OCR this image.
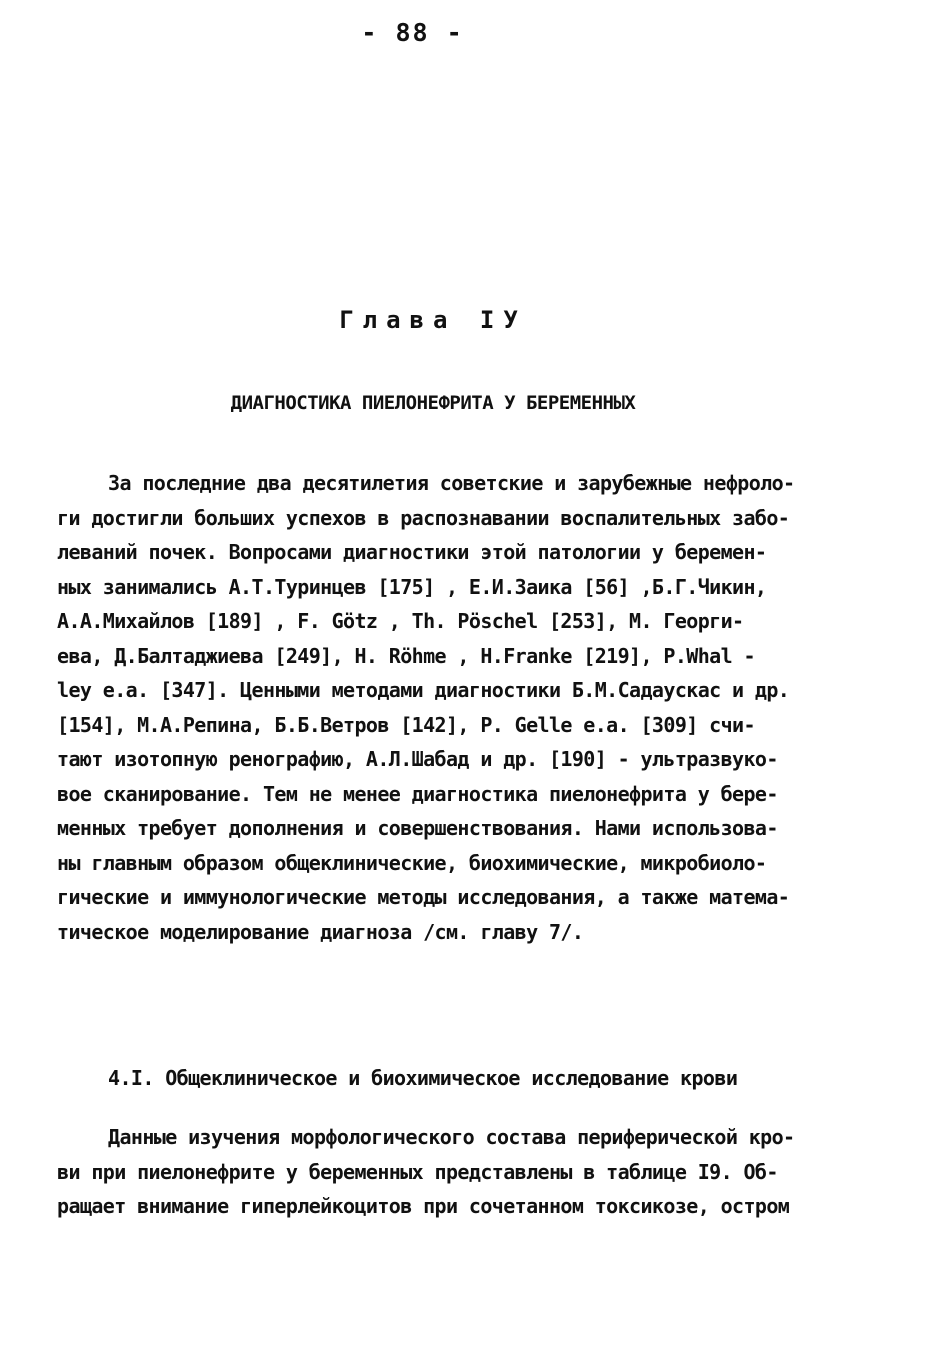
- 88 -
Глава IУ
ДИАГНОСТИКА ПИЕЛОНЕФРИТА У БЕРЕМЕННЫХ
За последние два десятилетия советские и зарубежные нефроло-
ги достигли больших успехов в распознавании воспалительных забо-
леваний почек. Вопросами диагностики этой патологии у беремен-
ных занимались А.Т.Туринцев [175] , Е.И.Заика [56] ,Б.Г.Чикин,
А.А.Михайлов [189] , F. Götz , Th. Pöschel [253], М. Георги-
ева, Д.Балтаджиева [249], H. Röhme , H.Franke [219], P.Whal -
ley e.a. [347]. Ценными методами диагностики Б.М.Садаускас и др.
[154], М.А.Репина, Б.Б.Ветров [142], P. Gelle e.a. [309] счи-
тают изотопную ренографию, А.Л.Шабад и др. [190] - ультразвуко-
вое сканирование. Тем не менее диагностика пиелонефрита у бере-
менных требует дополнения и совершенствования. Нами использова-
ны главным образом общеклинические, биохимические, микробиоло-
гические и иммунологические методы исследования, а также матема-
тическое моделирование диагноза /см. главу 7/.
4.I. Общеклиническое и биохимическое исследование крови
Данные изучения морфологического состава периферической кро-
ви при пиелонефрите у беременных представлены в таблице I9. Об-
ращает внимание гиперлейкоцитов при сочетанном токсикозе, остром
